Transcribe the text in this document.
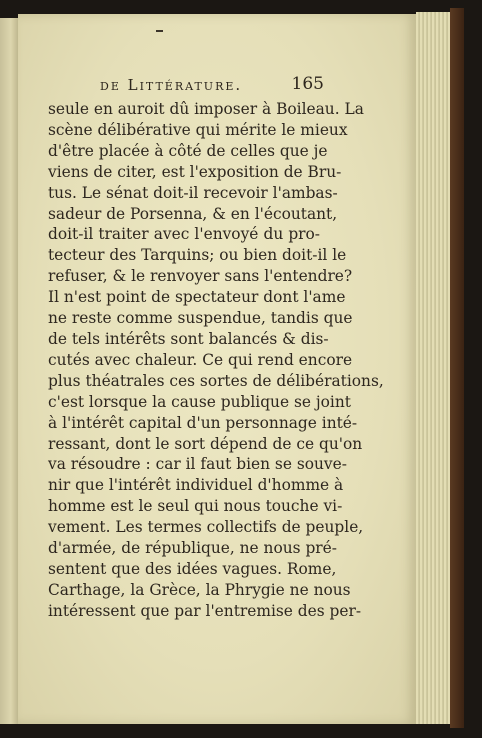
de Littérature.	165
seule en auroit dû imposer à Boileau. La
scène délibérative qui mérite le mieux
d'être placée à côté de celles que je
viens de citer, est l'exposition de Bru-
tus. Le sénat doit-il recevoir l'ambas-
sadeur de Porsenna, & en l'écoutant,
doit-il traiter avec l'envoyé du pro-
tecteur des Tarquins; ou bien doit-il le
refuser, & le renvoyer sans l'entendre?
Il n'est point de spectateur dont l'ame
ne reste comme suspendue, tandis que
de tels intérêts sont balancés & dis-
cutés avec chaleur. Ce qui rend encore
plus théatrales ces sortes de délibérations,
c'est lorsque la cause publique se joint
à l'intérêt capital d'un personnage inté-
ressant, dont le sort dépend de ce qu'on
va résoudre : car il faut bien se souve-
nir que l'intérêt individuel d'homme à
homme est le seul qui nous touche vi-
vement. Les termes collectifs de peuple,
d'armée, de république, ne nous pré-
sentent que des idées vagues. Rome,
Carthage, la Grèce, la Phrygie ne nous
intéressent que par l'entremise des per-
